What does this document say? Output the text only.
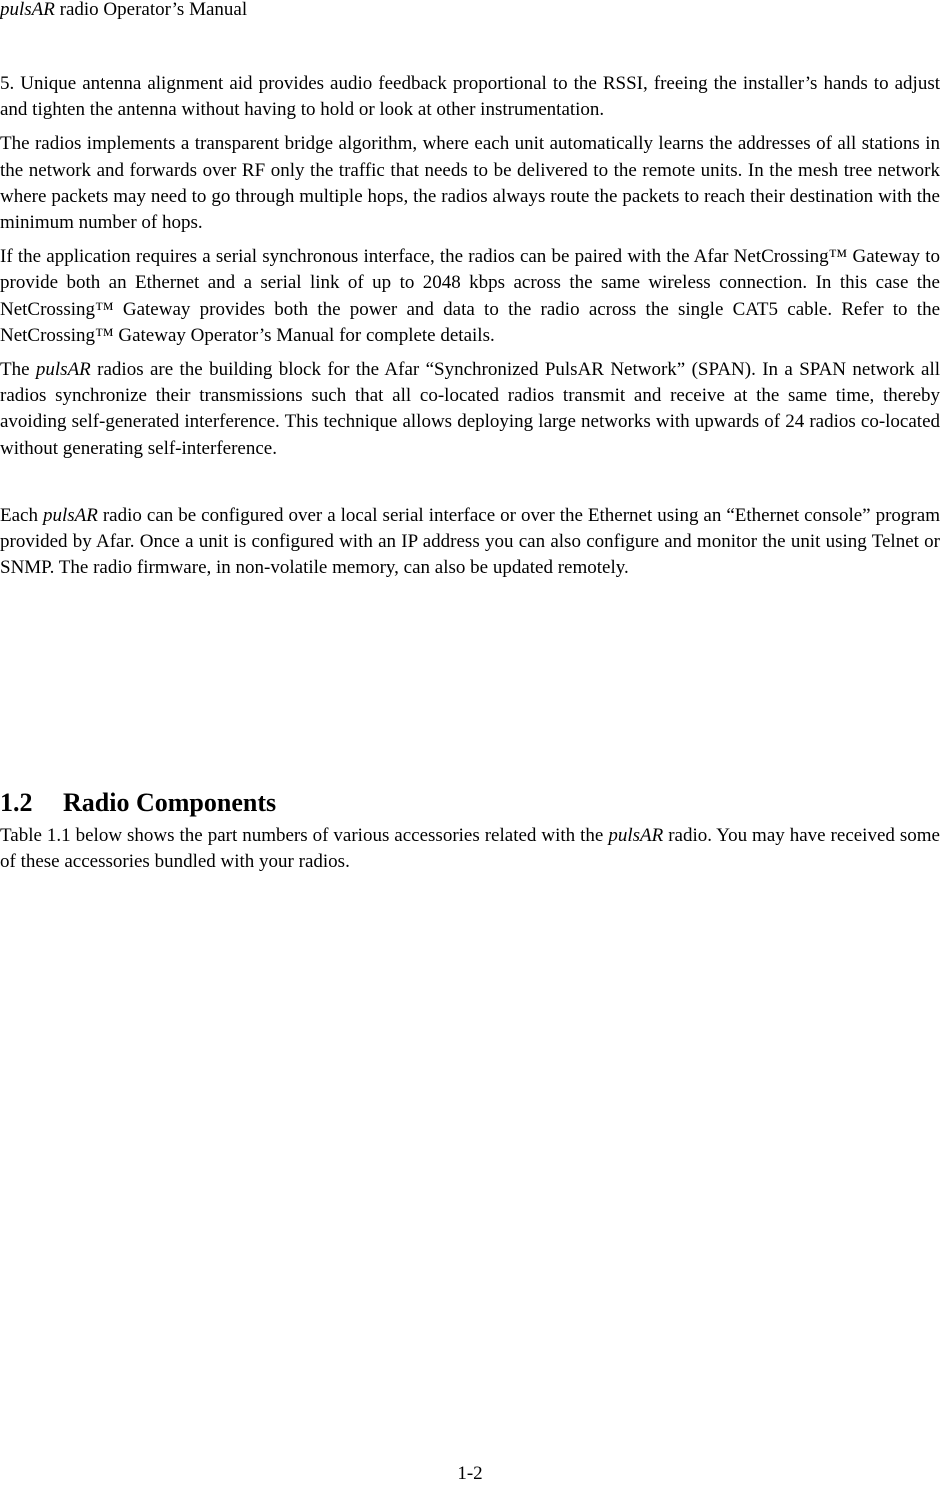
pulsAR radio Operator’s Manual

5. Unique antenna alignment aid provides audio feedback proportional to the RSSI, freeing the installer’s hands to adjust and tighten the antenna without having to hold or look at other instrumentation.

The radios implements a transparent bridge algorithm, where each unit automatically learns the addresses of all stations in the network and forwards over RF only the traffic that needs to be delivered to the remote units. In the mesh tree network where packets may need to go through multiple hops, the radios always route the packets to reach their destination with the minimum number of hops.

If the application requires a serial synchronous interface, the radios can be paired with the Afar NetCrossing™ Gateway to provide both an Ethernet and a serial link of up to 2048 kbps across the same wireless connection. In this case the NetCrossing™ Gateway provides both the power and data to the radio across the single CAT5 cable. Refer to the NetCrossing™ Gateway Operator’s Manual for complete details.

The pulsAR radios are the building block for the Afar “Synchronized PulsAR Network” (SPAN). In a SPAN network all radios synchronize their transmissions such that all co-located radios transmit and receive at the same time, thereby avoiding self-generated interference. This technique allows deploying large networks with upwards of 24 radios co-located without generating self-interference.

Each pulsAR radio can be configured over a local serial interface or over the Ethernet using an “Ethernet console” program provided by Afar. Once a unit is configured with an IP address you can also configure and monitor the unit using Telnet or SNMP. The radio firmware, in non-volatile memory, can also be updated remotely.

1.2 Radio Components

Table 1.1 below shows the part numbers of various accessories related with the pulsAR radio. You may have received some of these accessories bundled with your radios.

1-2
